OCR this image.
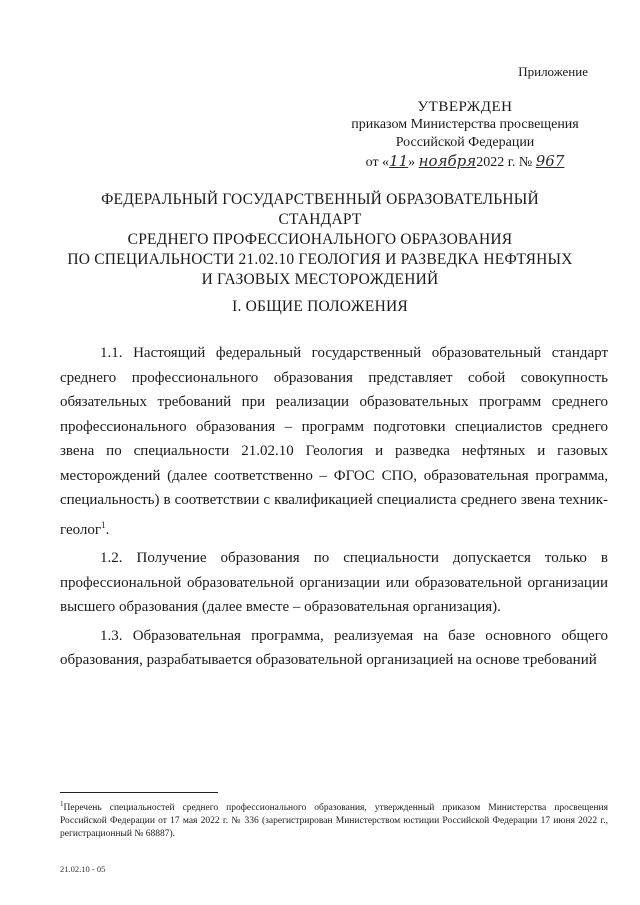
Приложение
УТВЕРЖДЕН
приказом Министерства просвещения
Российской Федерации
от «11» ноября2022 г. № 967
ФЕДЕРАЛЬНЫЙ ГОСУДАРСТВЕННЫЙ ОБРАЗОВАТЕЛЬНЫЙ СТАНДАРТ
СРЕДНЕГО ПРОФЕССИОНАЛЬНОГО ОБРАЗОВАНИЯ
ПО СПЕЦИАЛЬНОСТИ 21.02.10 ГЕОЛОГИЯ И РАЗВЕДКА НЕФТЯНЫХ
И ГАЗОВЫХ МЕСТОРОЖДЕНИЙ
I. ОБЩИЕ ПОЛОЖЕНИЯ

1.1. Настоящий федеральный государственный образовательный стандарт среднего профессионального образования представляет собой совокупность обязательных требований при реализации образовательных программ среднего профессионального образования – программ подготовки специалистов среднего звена по специальности 21.02.10 Геология и разведка нефтяных и газовых месторождений (далее соответственно – ФГОС СПО, образовательная программа, специальность) в соответствии с квалификацией специалиста среднего звена техник-геолог$^1$.

1.2. Получение образования по специальности допускается только в профессиональной образовательной организации или образовательной организации высшего образования (далее вместе – образовательная организация).

1.3. Образовательная программа, реализуемая на базе основного общего образования, разрабатывается образовательной организацией на основе требований

$^1$Перечень специальностей среднего профессионального образования, утвержденный приказом Министерства просвещения Российской Федерации от 17 мая 2022 г. № 336 (зарегистрирован Министерством юстиции Российской Федерации 17 июня 2022 г., регистрационный № 68887).
21.02.10 - 05
